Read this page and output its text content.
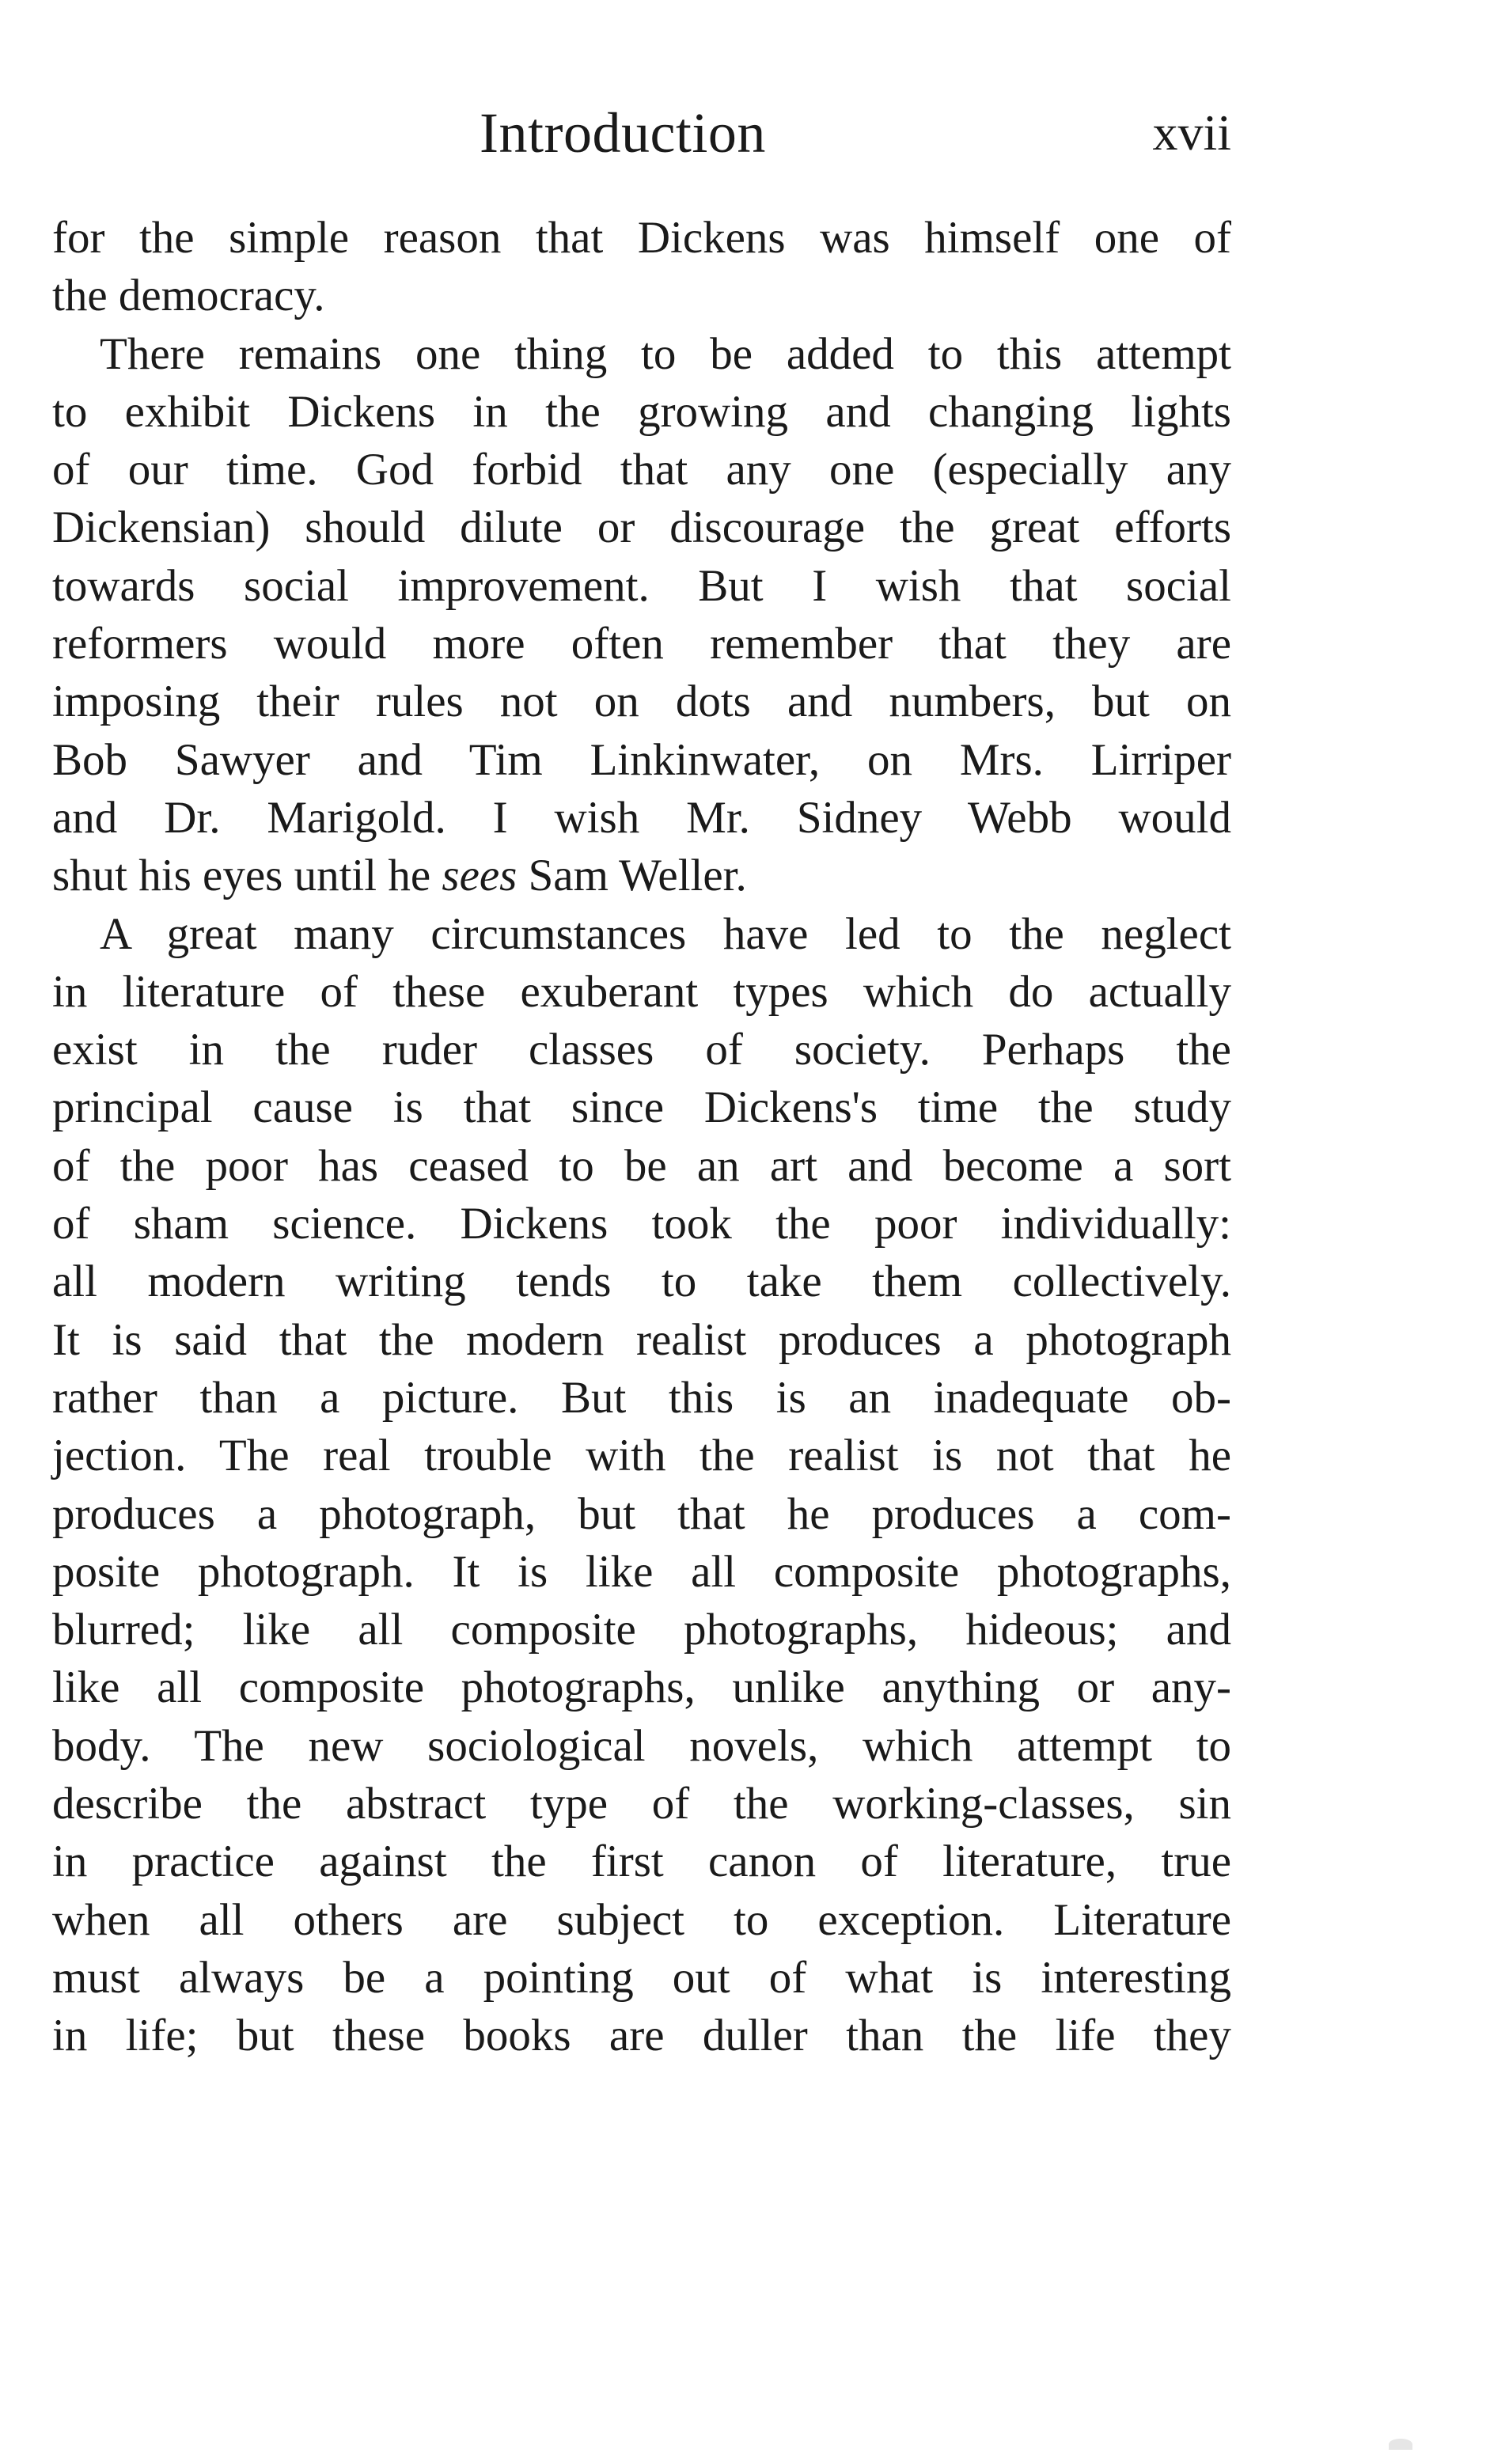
Introduction	xvii
for the simple reason that Dickens was himself one of
the democracy.
There remains one thing to be added to this attempt
to exhibit Dickens in the growing and changing lights
of our time. God forbid that any one (especially any
Dickensian) should dilute or discourage the great efforts
towards social improvement. But I wish that social
reformers would more often remember that they are
imposing their rules not on dots and numbers, but on
Bob Sawyer and Tim Linkinwater, on Mrs. Lirriper
and Dr. Marigold. I wish Mr. Sidney Webb would
shut his eyes until he sees Sam Weller.
A great many circumstances have led to the neglect
in literature of these exuberant types which do actually
exist in the ruder classes of society. Perhaps the
principal cause is that since Dickens's time the study
of the poor has ceased to be an art and become a sort
of sham science. Dickens took the poor individually:
all modern writing tends to take them collectively.
It is said that the modern realist produces a photograph
rather than a picture. But this is an inadequate ob-
jection. The real trouble with the realist is not that he
produces a photograph, but that he produces a com-
posite photograph. It is like all composite photographs,
blurred; like all composite photographs, hideous; and
like all composite photographs, unlike anything or any-
body. The new sociological novels, which attempt to
describe the abstract type of the working-classes, sin
in practice against the first canon of literature, true
when all others are subject to exception. Literature
must always be a pointing out of what is interesting
in life; but these books are duller than the life they
